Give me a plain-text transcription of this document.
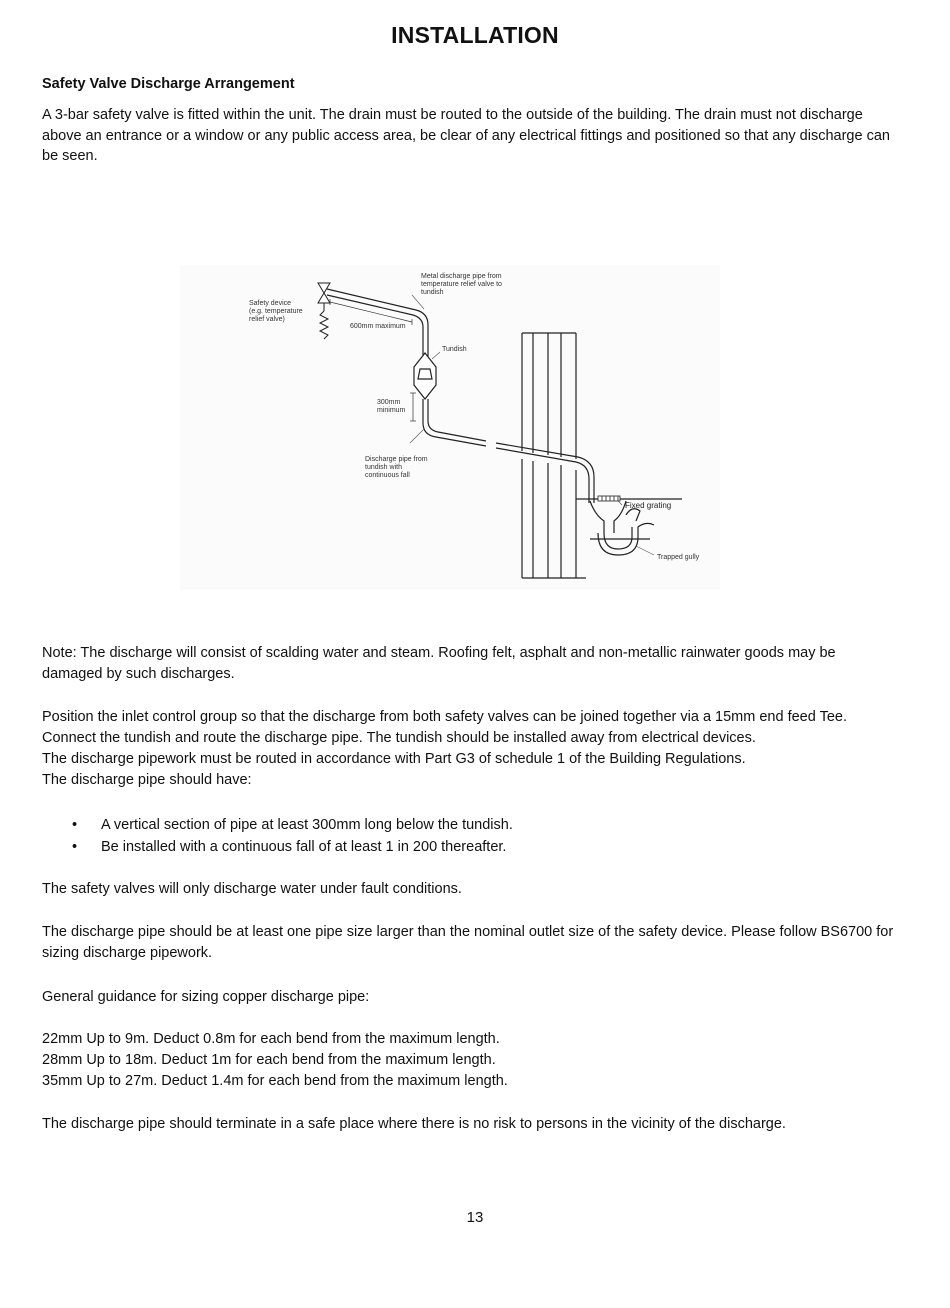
INSTALLATION

Safety Valve Discharge Arrangement

A 3-bar safety valve is fitted within the unit. The drain must be routed to the outside of the building. The drain must not discharge above an entrance or a window or any public access area, be clear of any electrical fittings and positioned so that any discharge can be seen.

Safety device (e.g. temperature relief valve)
Metal discharge pipe from temperature relief valve to tundish
600mm maximum
Tundish
300mm minimum
Discharge pipe from tundish with continuous fall
Fixed grating
Trapped gully

Note: The discharge will consist of scalding water and steam. Roofing felt, asphalt and non-metallic rainwater goods may be damaged by such discharges.

Position the inlet control group so that the discharge from both safety valves can be joined together via a 15mm end feed Tee.

Connect the tundish and route the discharge pipe. The tundish should be installed away from electrical devices.

The discharge pipework must be routed in accordance with Part G3 of schedule 1 of the Building Regulations.

The discharge pipe should have:

• A vertical section of pipe at least 300mm long below the tundish.
• Be installed with a continuous fall of at least 1 in 200 thereafter.

The safety valves will only discharge water under fault conditions.

The discharge pipe should be at least one pipe size larger than the nominal outlet size of the safety device. Please follow BS6700 for sizing discharge pipework.

General guidance for sizing copper discharge pipe:

22mm Up to 9m. Deduct 0.8m for each bend from the maximum length.

28mm Up to 18m. Deduct 1m for each bend from the maximum length.

35mm Up to 27m. Deduct 1.4m for each bend from the maximum length.

The discharge pipe should terminate in a safe place where there is no risk to persons in the vicinity of the discharge.

13
